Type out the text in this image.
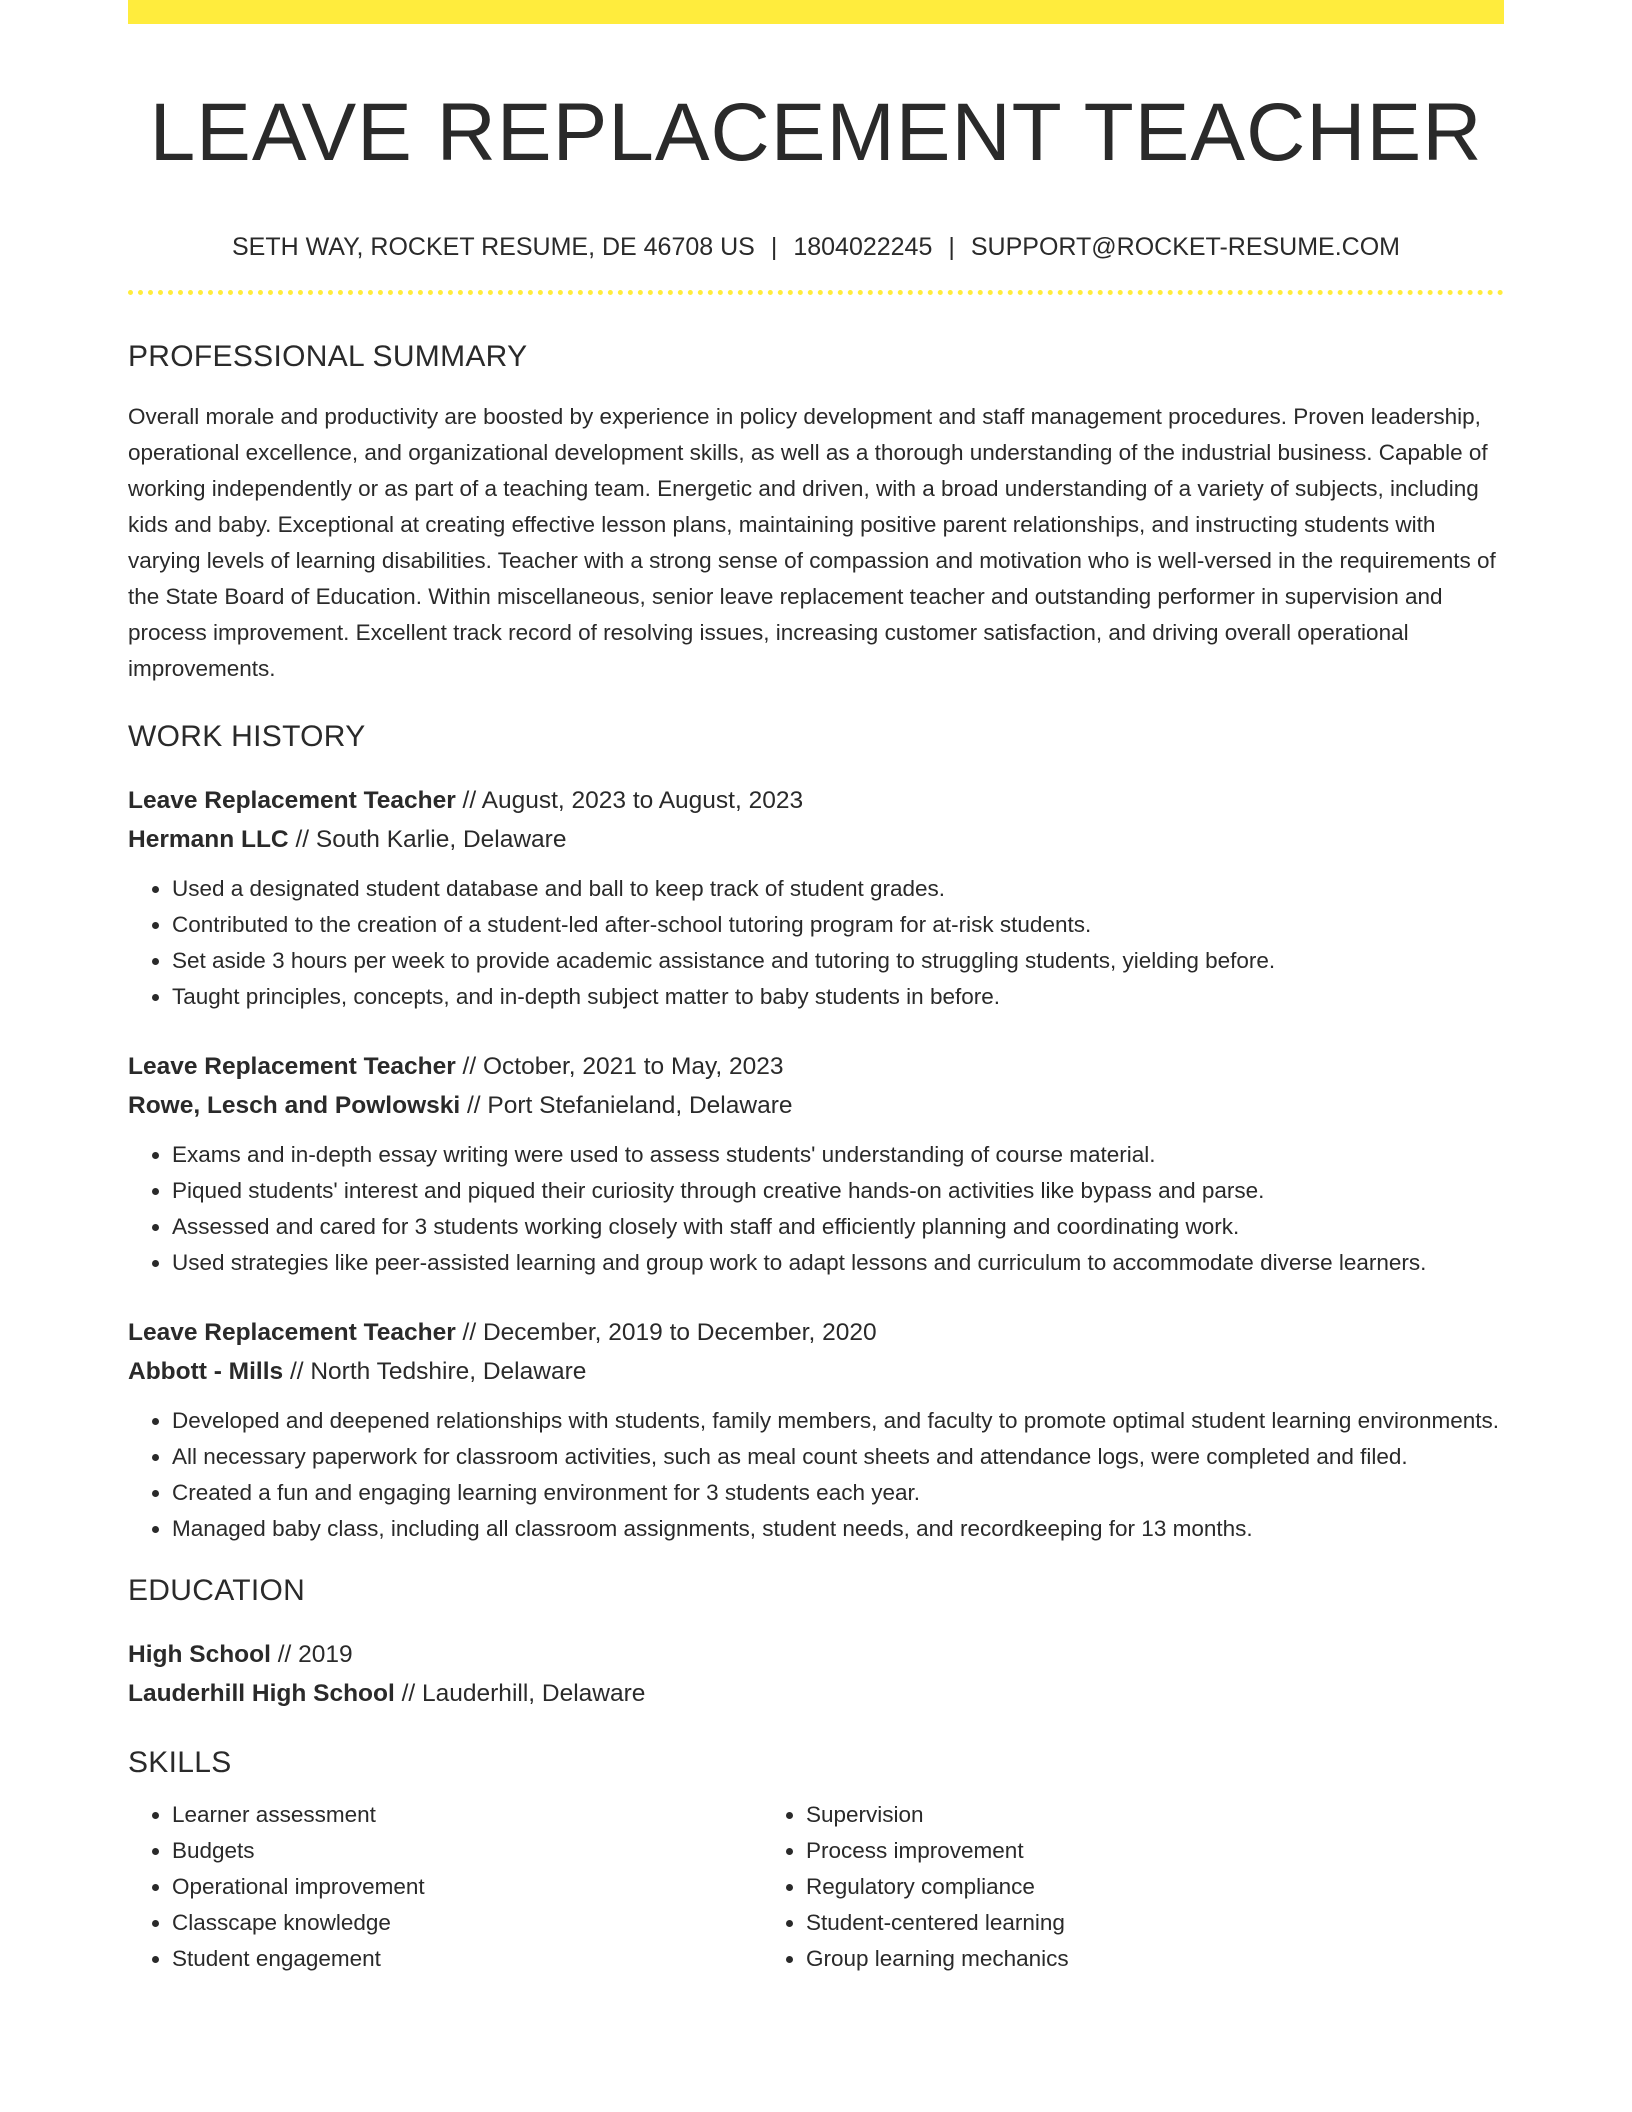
LEAVE REPLACEMENT TEACHER
SETH WAY, ROCKET RESUME, DE 46708 US | 1804022245 | SUPPORT@ROCKET-RESUME.COM
PROFESSIONAL SUMMARY
Overall morale and productivity are boosted by experience in policy development and staff management procedures. Proven leadership, operational excellence, and organizational development skills, as well as a thorough understanding of the industrial business. Capable of working independently or as part of a teaching team. Energetic and driven, with a broad understanding of a variety of subjects, including kids and baby. Exceptional at creating effective lesson plans, maintaining positive parent relationships, and instructing students with varying levels of learning disabilities. Teacher with a strong sense of compassion and motivation who is well-versed in the requirements of the State Board of Education. Within miscellaneous, senior leave replacement teacher and outstanding performer in supervision and process improvement. Excellent track record of resolving issues, increasing customer satisfaction, and driving overall operational improvements.
WORK HISTORY
Leave Replacement Teacher // August, 2023 to August, 2023
Hermann LLC // South Karlie, Delaware
• Used a designated student database and ball to keep track of student grades.
• Contributed to the creation of a student-led after-school tutoring program for at-risk students.
• Set aside 3 hours per week to provide academic assistance and tutoring to struggling students, yielding before.
• Taught principles, concepts, and in-depth subject matter to baby students in before.
Leave Replacement Teacher // October, 2021 to May, 2023
Rowe, Lesch and Powlowski // Port Stefanieland, Delaware
• Exams and in-depth essay writing were used to assess students' understanding of course material.
• Piqued students' interest and piqued their curiosity through creative hands-on activities like bypass and parse.
• Assessed and cared for 3 students working closely with staff and efficiently planning and coordinating work.
• Used strategies like peer-assisted learning and group work to adapt lessons and curriculum to accommodate diverse learners.
Leave Replacement Teacher // December, 2019 to December, 2020
Abbott - Mills // North Tedshire, Delaware
• Developed and deepened relationships with students, family members, and faculty to promote optimal student learning environments.
• All necessary paperwork for classroom activities, such as meal count sheets and attendance logs, were completed and filed.
• Created a fun and engaging learning environment for 3 students each year.
• Managed baby class, including all classroom assignments, student needs, and recordkeeping for 13 months.
EDUCATION
High School // 2019
Lauderhill High School // Lauderhill, Delaware
SKILLS
• Learner assessment
• Budgets
• Operational improvement
• Classcape knowledge
• Student engagement
• Supervision
• Process improvement
• Regulatory compliance
• Student-centered learning
• Group learning mechanics
